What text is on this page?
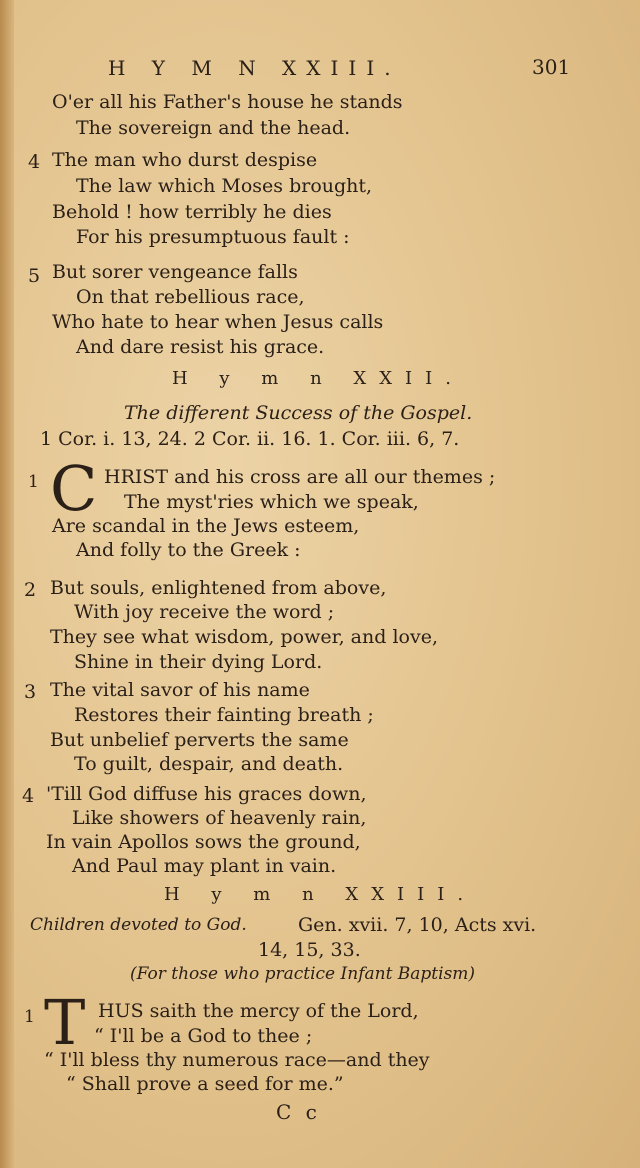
H Y M N XXIII.	301
O'er all his Father's house he stands
The sovereign and the head.
4 The man who durst despise
The law which Moses brought,
Behold ! how terribly he dies
For his presumptuous fault :
5 But sorer vengeance falls
On that rebellious race,
Who hate to hear when Jesus calls
And dare resist his grace.
H y m n XXII.
The different Success of the Gospel.
1 Cor. i. 13, 24. 2 Cor. ii. 16. 1. Cor. iii. 6, 7.
1 C HRIST and his cross are all our themes ;
The myst'ries which we speak,
Are scandal in the Jews esteem,
And folly to the Greek :
2 But souls, enlightened from above,
With joy receive the word ;
They see what wisdom, power, and love,
Shine in their dying Lord.
3 The vital savor of his name
Restores their fainting breath ;
But unbelief perverts the same
To guilt, despair, and death.
4 'Till God diffuse his graces down,
Like showers of heavenly rain,
In vain Apollos sows the ground,
And Paul may plant in vain.
H y m n XXIII.
Children devoted to God.	Gen. xvii. 7, 10, Acts xvi.
14, 15, 33.
(For those who practice Infant Baptism)
1 T HUS saith the mercy of the Lord,
“ I'll be a God to thee ;
“ I'll bless thy numerous race—and they
“ Shall prove a seed for me.”
C c
